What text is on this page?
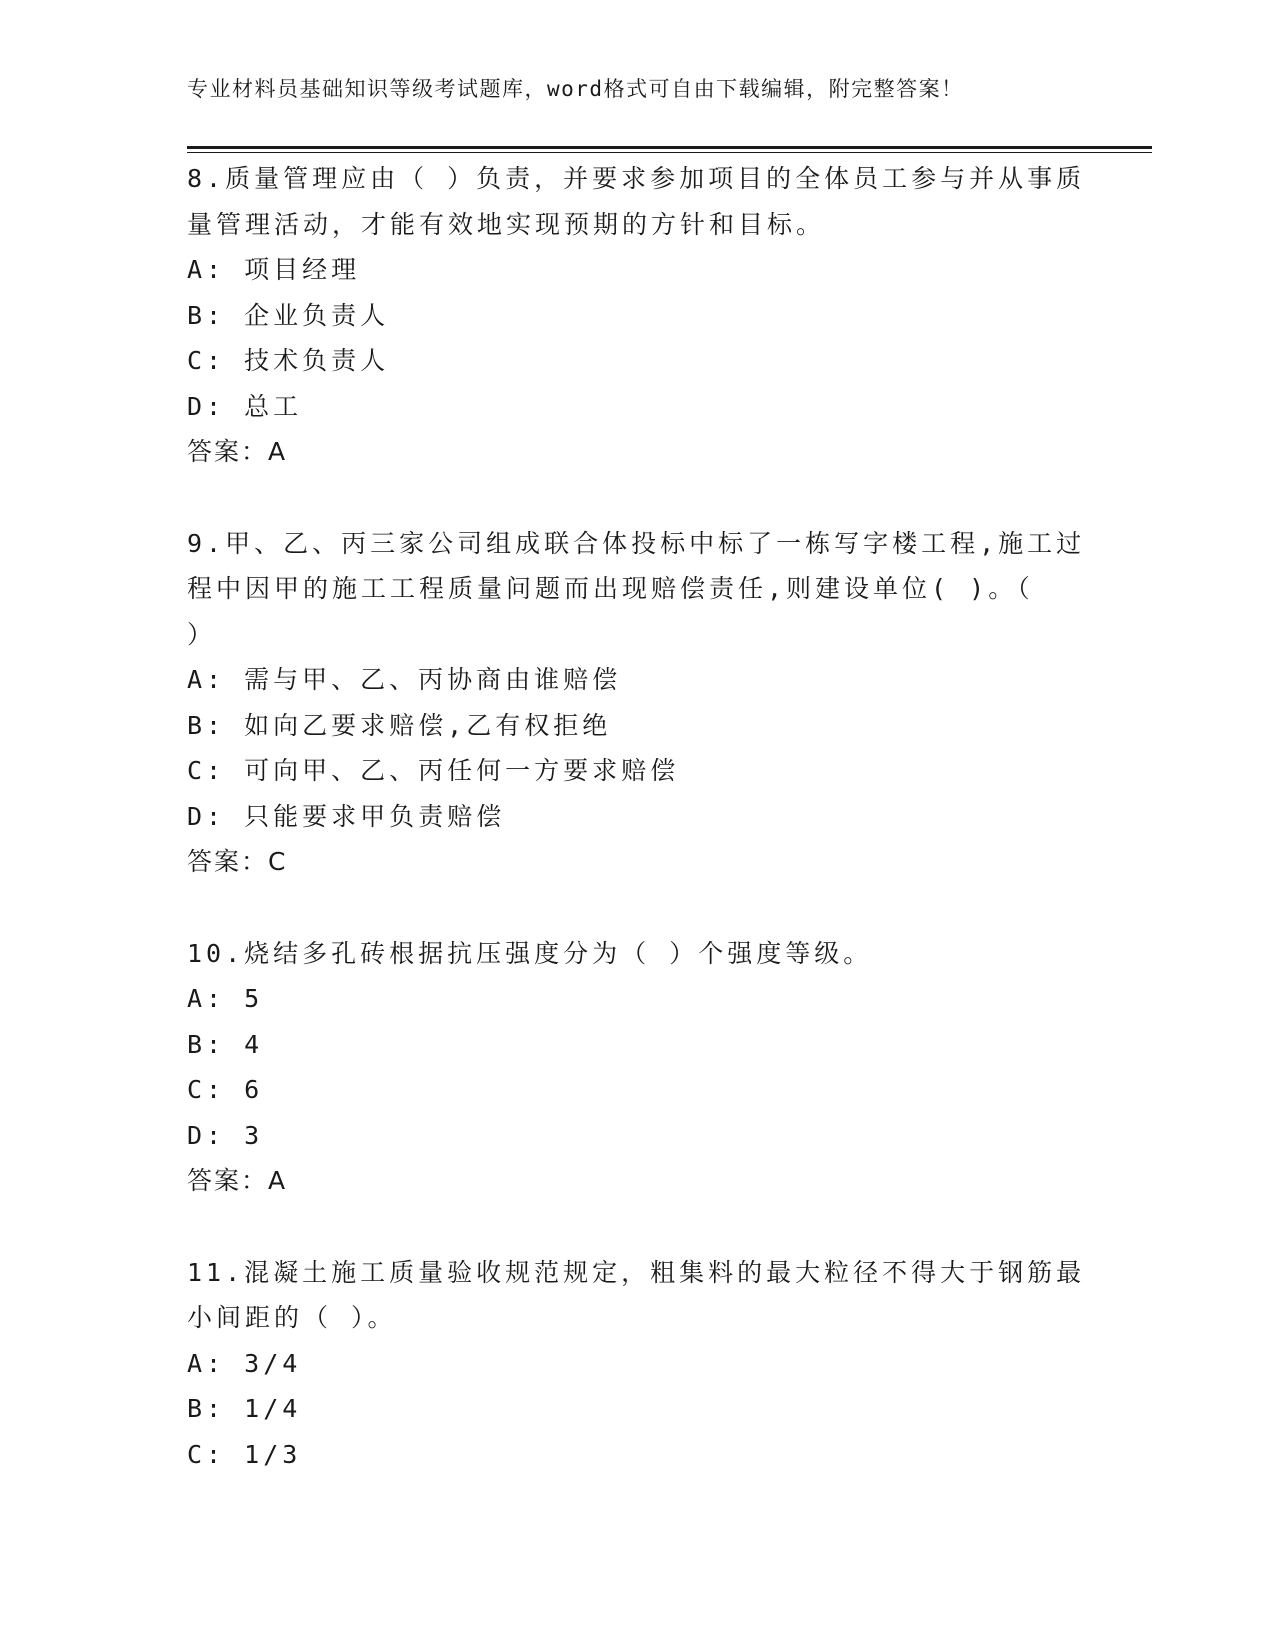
专业材料员基础知识等级考试题库，word格式可自由下载编辑，附完整答案！
8.质量管理应由（ ）负责，并要求参加项目的全体员工参与并从事质
量管理活动，才能有效地实现预期的方针和目标。
A: 项目经理
B: 企业负责人
C: 技术负责人
D: 总工
答案：A
9.甲、乙、丙三家公司组成联合体投标中标了一栋写字楼工程,施工过
程中因甲的施工工程质量问题而出现赔偿责任,则建设单位( )。（
）
A: 需与甲、乙、丙协商由谁赔偿
B: 如向乙要求赔偿,乙有权拒绝
C: 可向甲、乙、丙任何一方要求赔偿
D: 只能要求甲负责赔偿
答案：C
10.烧结多孔砖根据抗压强度分为（ ）个强度等级。
A: 5
B: 4
C: 6
D: 3
答案：A
11.混凝土施工质量验收规范规定，粗集料的最大粒径不得大于钢筋最
小间距的（ ）。
A: 3/4
B: 1/4
C: 1/3
